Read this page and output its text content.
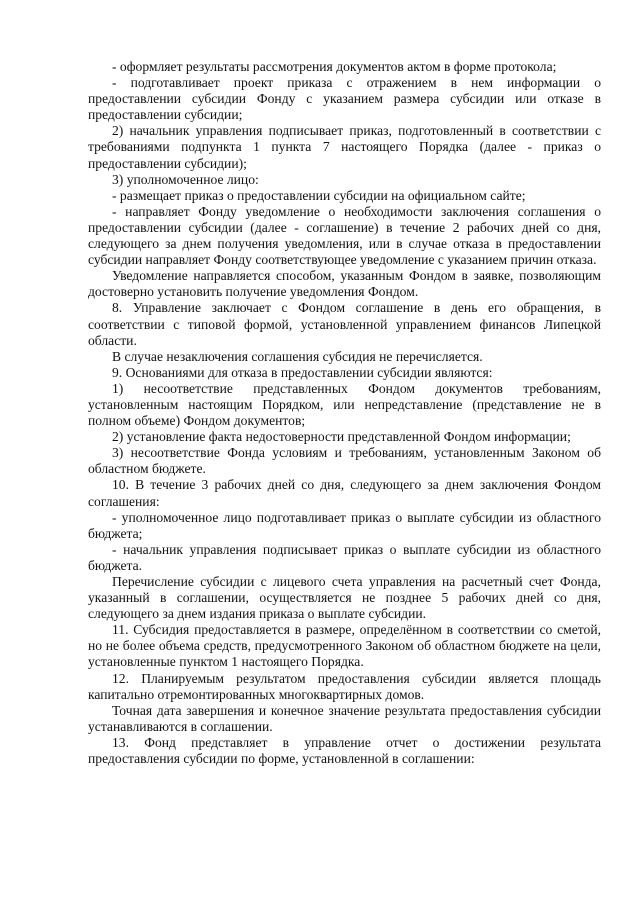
- оформляет результаты рассмотрения документов актом в форме протокола;

- подготавливает проект приказа с отражением в нем информации о предоставлении субсидии Фонду с указанием размера субсидии или отказе в предоставлении субсидии;

2) начальник управления подписывает приказ, подготовленный в соответствии с требованиями подпункта 1 пункта 7 настоящего Порядка (далее - приказ о предоставлении субсидии);

3) уполномоченное лицо:

- размещает приказ о предоставлении субсидии на официальном сайте;

- направляет Фонду уведомление о необходимости заключения соглашения о предоставлении субсидии (далее - соглашение) в течение 2 рабочих дней со дня, следующего за днем получения уведомления, или в случае отказа в предоставлении субсидии направляет Фонду соответствующее уведомление с указанием причин отказа.

Уведомление направляется способом, указанным Фондом в заявке, позволяющим достоверно установить получение уведомления Фондом.

8. Управление заключает с Фондом соглашение в день его обращения, в соответствии с типовой формой, установленной управлением финансов Липецкой области.

В случае незаключения соглашения субсидия не перечисляется.

9. Основаниями для отказа в предоставлении субсидии являются:

1) несоответствие представленных Фондом документов требованиям, установленным настоящим Порядком, или непредставление (представление не в полном объеме) Фондом документов;

2) установление факта недостоверности представленной Фондом информации;

3) несоответствие Фонда условиям и требованиям, установленным Законом об областном бюджете.

10. В течение 3 рабочих дней со дня, следующего за днем заключения Фондом соглашения:

- уполномоченное лицо подготавливает приказ о выплате субсидии из областного бюджета;

- начальник управления подписывает приказ о выплате субсидии из областного бюджета.

Перечисление субсидии с лицевого счета управления на расчетный счет Фонда, указанный в соглашении, осуществляется не позднее 5 рабочих дней со дня, следующего за днем издания приказа о выплате субсидии.

11. Субсидия предоставляется в размере, определённом в соответствии со сметой, но не более объема средств, предусмотренного Законом об областном бюджете на цели, установленные пунктом 1 настоящего Порядка.

12. Планируемым результатом предоставления субсидии является площадь капитально отремонтированных многоквартирных домов.

Точная дата завершения и конечное значение результата предоставления субсидии устанавливаются в соглашении.

13. Фонд представляет в управление отчет о достижении результата предоставления субсидии по форме, установленной в соглашении:
